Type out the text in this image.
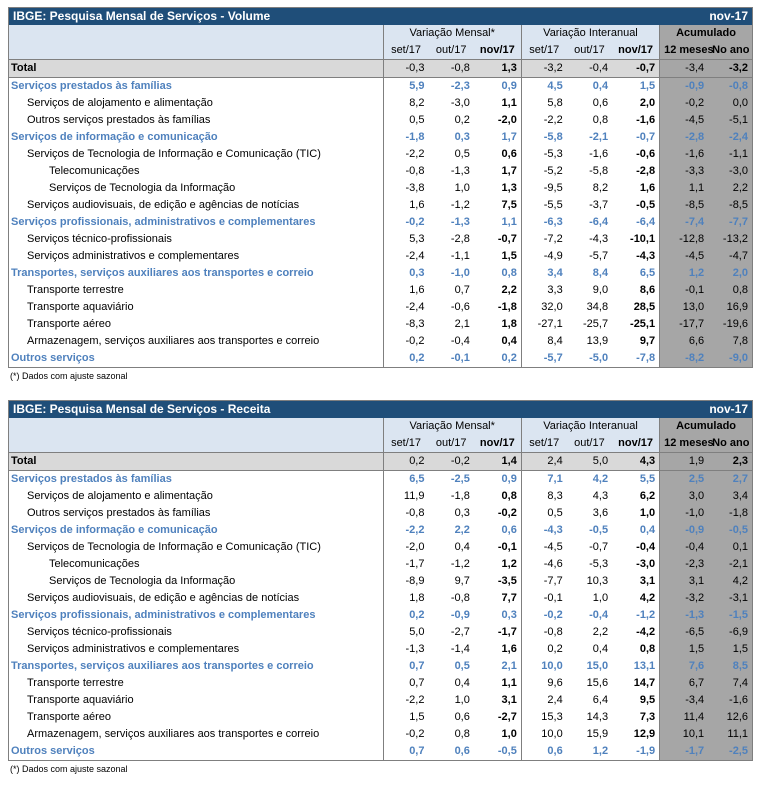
IBGE: Pesquisa Mensal de Serviços - Volume							nov-17	
	Variação Mensal*			Variação Interanual			Acumulado	
	set/17	out/17	nov/17	set/17	out/17	nov/17	12 meses	No ano
Total	-0,3	-0,8	1,3	-3,2	-0,4	-0,7	-3,4	-3,2
Serviços prestados às famílias	5,9	-2,3	0,9	4,5	0,4	1,5	-0,9	-0,8
Serviços de alojamento e alimentação	8,2	-3,0	1,1	5,8	0,6	2,0	-0,2	0,0
Outros serviços prestados às famílias	0,5	0,2	-2,0	-2,2	0,8	-1,6	-4,5	-5,1
Serviços de informação e comunicação	-1,8	0,3	1,7	-5,8	-2,1	-0,7	-2,8	-2,4
Serviços de Tecnologia de Informação e Comunicação (TIC)	-2,2	0,5	0,6	-5,3	-1,6	-0,6	-1,6	-1,1
Telecomunicações	-0,8	-1,3	1,7	-5,2	-5,8	-2,8	-3,3	-3,0
Serviços de Tecnologia da Informação	-3,8	1,0	1,3	-9,5	8,2	1,6	1,1	2,2
Serviços audiovisuais, de edição e agências de notícias	1,6	-1,2	7,5	-5,5	-3,7	-0,5	-8,5	-8,5
Serviços profissionais, administrativos e complementares	-0,2	-1,3	1,1	-6,3	-6,4	-6,4	-7,4	-7,7
Serviços técnico-profissionais	5,3	-2,8	-0,7	-7,2	-4,3	-10,1	-12,8	-13,2
Serviços administrativos e complementares	-2,4	-1,1	1,5	-4,9	-5,7	-4,3	-4,5	-4,7
Transportes, serviços auxiliares aos transportes e correio	0,3	-1,0	0,8	3,4	8,4	6,5	1,2	2,0
Transporte terrestre	1,6	0,7	2,2	3,3	9,0	8,6	-0,1	0,8
Transporte aquaviário	-2,4	-0,6	-1,8	32,0	34,8	28,5	13,0	16,9
Transporte aéreo	-8,3	2,1	1,8	-27,1	-25,7	-25,1	-17,7	-19,6
Armazenagem, serviços auxiliares aos transportes e correio	-0,2	-0,4	0,4	8,4	13,9	9,7	6,6	7,8
Outros serviços	0,2	-0,1	0,2	-5,7	-5,0	-7,8	-8,2	-9,0
(*) Dados com ajuste sazonal
IBGE: Pesquisa Mensal de Serviços - Receita							nov-17	
	Variação Mensal*			Variação Interanual			Acumulado	
	set/17	out/17	nov/17	set/17	out/17	nov/17	12 meses	No ano
Total	0,2	-0,2	1,4	2,4	5,0	4,3	1,9	2,3
Serviços prestados às famílias	6,5	-2,5	0,9	7,1	4,2	5,5	2,5	2,7
Serviços de alojamento e alimentação	11,9	-1,8	0,8	8,3	4,3	6,2	3,0	3,4
Outros serviços prestados às famílias	-0,8	0,3	-0,2	0,5	3,6	1,0	-1,0	-1,8
Serviços de informação e comunicação	-2,2	2,2	0,6	-4,3	-0,5	0,4	-0,9	-0,5
Serviços de Tecnologia de Informação e Comunicação (TIC)	-2,0	0,4	-0,1	-4,5	-0,7	-0,4	-0,4	0,1
Telecomunicações	-1,7	-1,2	1,2	-4,6	-5,3	-3,0	-2,3	-2,1
Serviços de Tecnologia da Informação	-8,9	9,7	-3,5	-7,7	10,3	3,1	3,1	4,2
Serviços audiovisuais, de edição e agências de notícias	1,8	-0,8	7,7	-0,1	1,0	4,2	-3,2	-3,1
Serviços profissionais, administrativos e complementares	0,2	-0,9	0,3	-0,2	-0,4	-1,2	-1,3	-1,5
Serviços técnico-profissionais	5,0	-2,7	-1,7	-0,8	2,2	-4,2	-6,5	-6,9
Serviços administrativos e complementares	-1,3	-1,4	1,6	0,2	0,4	0,8	1,5	1,5
Transportes, serviços auxiliares aos transportes e correio	0,7	0,5	2,1	10,0	15,0	13,1	7,6	8,5
Transporte terrestre	0,7	0,4	1,1	9,6	15,6	14,7	6,7	7,4
Transporte aquaviário	-2,2	1,0	3,1	2,4	6,4	9,5	-3,4	-1,6
Transporte aéreo	1,5	0,6	-2,7	15,3	14,3	7,3	11,4	12,6
Armazenagem, serviços auxiliares aos transportes e correio	-0,2	0,8	1,0	10,0	15,9	12,9	10,1	11,1
Outros serviços	0,7	0,6	-0,5	0,6	1,2	-1,9	-1,7	-2,5
(*) Dados com ajuste sazonal
